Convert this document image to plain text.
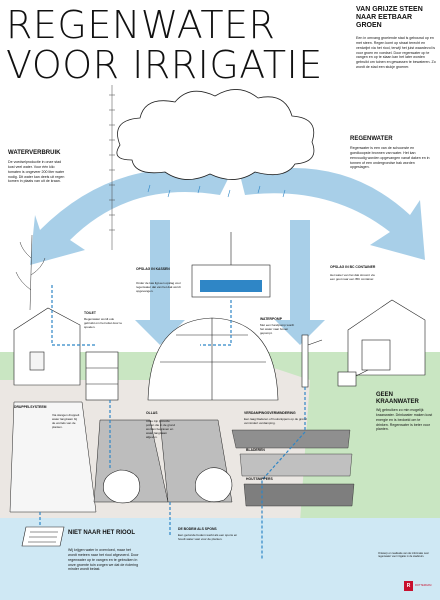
REGENWATER
VOOR IRRIGATIE
VAN GRIJZE STEEN NAAR EETBAAR GROEN
Een in omvang groeiende stad is gebouwd op en met steen. Regen komt op straat terecht en verdwijnt via het riool, terwijl het juist waardevol is voor groen en voedsel. Door regenwater op te vangen en op te slaan kan het later worden gebruikt om tuinen en gewassen te bewateren. Zo wordt de stad een stukje groener.
WATERVERBRUIK
De voedselproductie in onze stad kost veel water. Voor één kilo tomaten is ongeveer 200 liter water nodig. Dit water kan deels uit regen komen in plaats van uit de kraan.
REGENWATER
Regenwater is een van de schoonste en goedkoopste bronnen van water. Het kan eenvoudig worden opgevangen vanaf daken en in tonnen of een ondergrondse bak worden opgeslagen.
GEEN KRAANWATER
Wij gebruiken zo min mogelijk kraanwater. Drinkwater maken kost energie en is bedoeld om te drinken. Regenwater is beter voor planten.
NIET NAAR HET RIOOL
Wij krijgen water in overvloed, maar het wordt meteen naar het riool afgevoerd. Door regenwater op te vangen en te gebruiken in onze groente tuin zorgen we dat de riolering minder wordt belast.
TOILET
Regenwater wordt ook gebruikt om het toilet door te spoelen.
OPSLAG IN KASSEN
Onder de kas ligt een opslag voor regenwater dat van het dak wordt opgevangen.
OPSLAG IN BC CONTAINER
Het water van het dak stroomt via een goot naar een IBC container.
WATERPOMP
Met een handpomp wordt het water naar boven gepompt.
DRUPPELSYSTEEM
Via slangen druppelt water langzaam bij de wortels van de planten.
OLLAS
Ollas zijn poreuze potten die in de grond worden begraven en water langzaam afgeven.
VERDAMPINGSVERMINDERING
Een laag bladeren of houtsnippers op de grond vermindert verdamping.
BLADEREN
HOUTSNIPPERS
DE BODEM ALS SPONS
Een gezonde bodem werkt als een spons en houdt water vast voor de planten.
Ontwerp en realisatie van de informatie over regenwater voor irrigatie in de stadstuin.
R	ROTTERDAM
